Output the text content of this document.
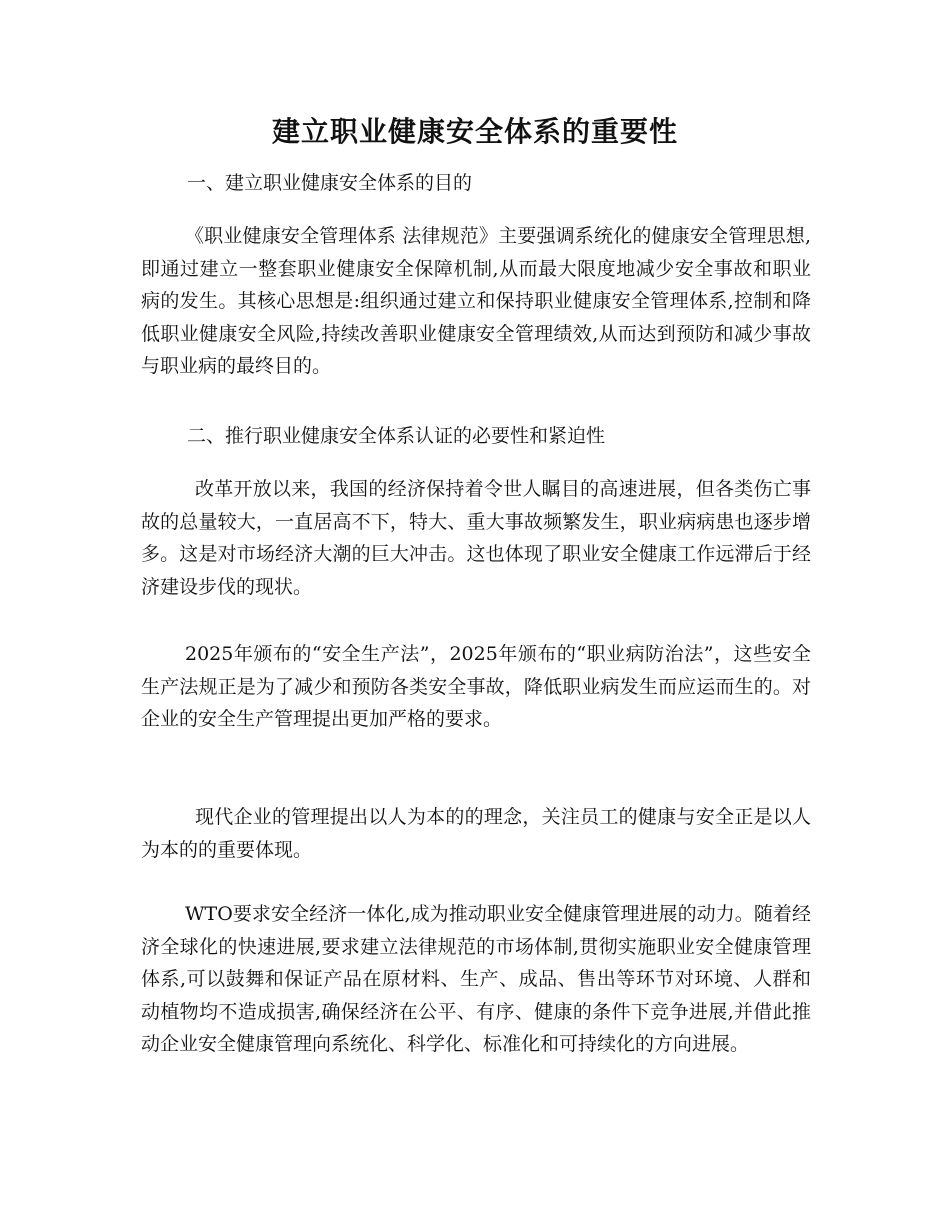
建立职业健康安全体系的重要性
一、建立职业健康安全体系的目的
《职业健康安全管理体系 法律规范》主要强调系统化的健康安全管理思想,即通过建立一整套职业健康安全保障机制,从而最大限度地减少安全事故和职业病的发生。其核心思想是:组织通过建立和保持职业健康安全管理体系,控制和降低职业健康安全风险,持续改善职业健康安全管理绩效,从而达到预防和减少事故与职业病的最终目的。
二、推行职业健康安全体系认证的必要性和紧迫性
改革开放以来，我国的经济保持着令世人瞩目的高速进展，但各类伤亡事故的总量较大，一直居高不下，特大、重大事故频繁发生，职业病病患也逐步增多。这是对市场经济大潮的巨大冲击。这也体现了职业安全健康工作远滞后于经济建设步伐的现状。
2025年颁布的“安全生产法”，2025年颁布的“职业病防治法”，这些安全生产法规正是为了减少和预防各类安全事故，降低职业病发生而应运而生的。对企业的安全生产管理提出更加严格的要求。
现代企业的管理提出以人为本的的理念，关注员工的健康与安全正是以人为本的的重要体现。
WTO要求安全经济一体化,成为推动职业安全健康管理进展的动力。随着经济全球化的快速进展,要求建立法律规范的市场体制,贯彻实施职业安全健康管理体系,可以鼓舞和保证产品在原材料、生产、成品、售出等环节对环境、人群和动植物均不造成损害,确保经济在公平、有序、健康的条件下竞争进展,并借此推动企业安全健康管理向系统化、科学化、标准化和可持续化的方向进展。
